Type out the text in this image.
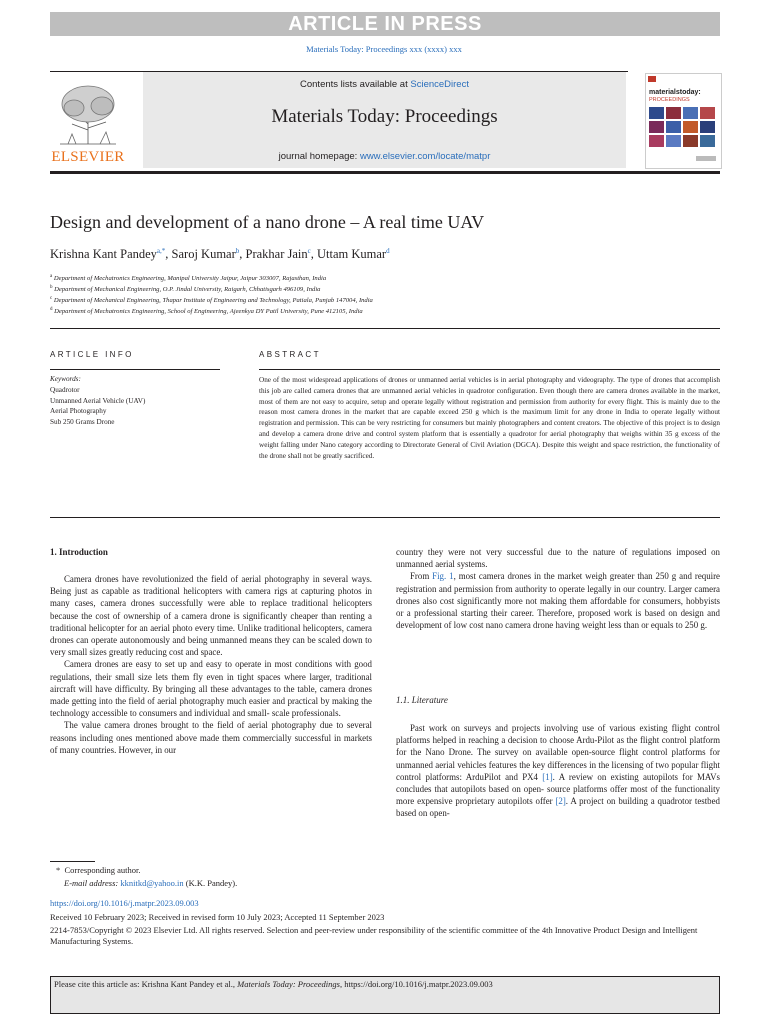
ARTICLE IN PRESS
Materials Today: Proceedings xxx (xxxx) xxx
ELSEVIER
Contents lists available at ScienceDirect
Materials Today: Proceedings
journal homepage: www.elsevier.com/locate/matpr
materialstoday:
PROCEEDINGS
Design and development of a nano drone – A real time UAV
Krishna Kant Pandey$^{a,*}$, Saroj Kumar$^b$, Prakhar Jain$^c$, Uttam Kumar$^d$
$^a$ Department of Mechatronics Engineering, Manipal University Jaipur, Jaipur 303007, Rajasthan, India
$^b$ Department of Mechanical Engineering, O.P. Jindal University, Raigarh, Chhatisgarh 496109, India
$^c$ Department of Mechanical Engineering, Thapar Institute of Engineering and Technology, Patiala, Punjab 147004, India
$^d$ Department of Mechatronics Engineering, School of Engineering, Ajeenkya DY Patil University, Pune 412105, India
ARTICLE INFO	ABSTRACT
Keywords:
Quadrotor
Unmanned Aerial Vehicle (UAV)
Aerial Photography
Sub 250 Grams Drone
One of the most widespread applications of drones or unmanned aerial vehicles is in aerial photography and videography. The type of drones that accomplish this job are called camera drones that are unmanned aerial vehicles in quadrotor configuration. Even though there are camera drones available in the market, most of them are not easy to acquire, setup and operate legally without registration and permission from authority for every flight. This is mainly due to the reason most camera drones in the market that are capable exceed 250 g which is the maximum limit for any drone in India to operate legally without registration and permission. This can be very restricting for consumers but mainly photographers and content creators. The objective of this project is to design and develop a camera drone drive and control system platform that is essentially a quadrotor for aerial photography that weighs within 35 g excess of the weight falling under Nano category according to Directorate General of Civil Aviation (DGCA). Despite this weight and space restriction, the functionality of the drone shall not be greatly sacrificed.
1. Introduction

Camera drones have revolutionized the field of aerial photography in several ways. Being just as capable as traditional helicopters with camera rigs at capturing photos in many cases, camera drones successfully were able to replace traditional helicopters because the cost of ownership of a camera drone is significantly cheaper than renting a traditional helicopter for an aerial photo every time. Unlike traditional helicopters, camera drones can operate autonomously and being unmanned means they can be scaled down to very small sizes greatly reducing cost and space.

Camera drones are easy to set up and easy to operate in most conditions with good regulations, their small size lets them fly even in tight spaces where larger, traditional aircraft will have difficulty. By bringing all these advantages to the table, camera drones made getting into the field of aerial photography much easier and practical by making the technology accessible to consumers and individual and small- scale professionals.

The value camera drones brought to the field of aerial photography due to several reasons including ones mentioned above made them commercially successful in markets of many countries. However, in our

country they were not very successful due to the nature of regulations imposed on unmanned aerial systems.

From Fig. 1, most camera drones in the market weigh greater than 250 g and require registration and permission from authority to operate legally in our country. Larger camera drones also cost significantly more not making them affordable for consumers, hobbyists or a professional starting their career. Therefore, proposed work is based on design and development of low cost nano camera drone having weight less than or equals to 250 g.

1.1. Literature

Past work on surveys and projects involving use of various existing flight control platforms helped in reaching a decision to choose Ardu-Pilot as the flight control platform for the Nano Drone. The survey on available open-source flight control platforms for unmanned aerial vehicles features the key differences in the licensing of two popular flight control platforms: ArduPilot and PX4 [1]. A review on existing autopilots for MAVs concludes that autopilots based on open- source platforms offer most of the functionality more expensive proprietary autopilots offer [2]. A project on building a quadrotor testbed based on open-

*  Corresponding author.
E-mail address: kknitkd@yahoo.in (K.K. Pandey).
https://doi.org/10.1016/j.matpr.2023.09.003
Received 10 February 2023; Received in revised form 10 July 2023; Accepted 11 September 2023
2214-7853/Copyright © 2023 Elsevier Ltd. All rights reserved. Selection and peer-review under responsibility of the scientific committee of the 4th Innovative Product Design and Intelligent Manufacturing Systems.
Please cite this article as: Krishna Kant Pandey et al., Materials Today: Proceedings, https://doi.org/10.1016/j.matpr.2023.09.003
